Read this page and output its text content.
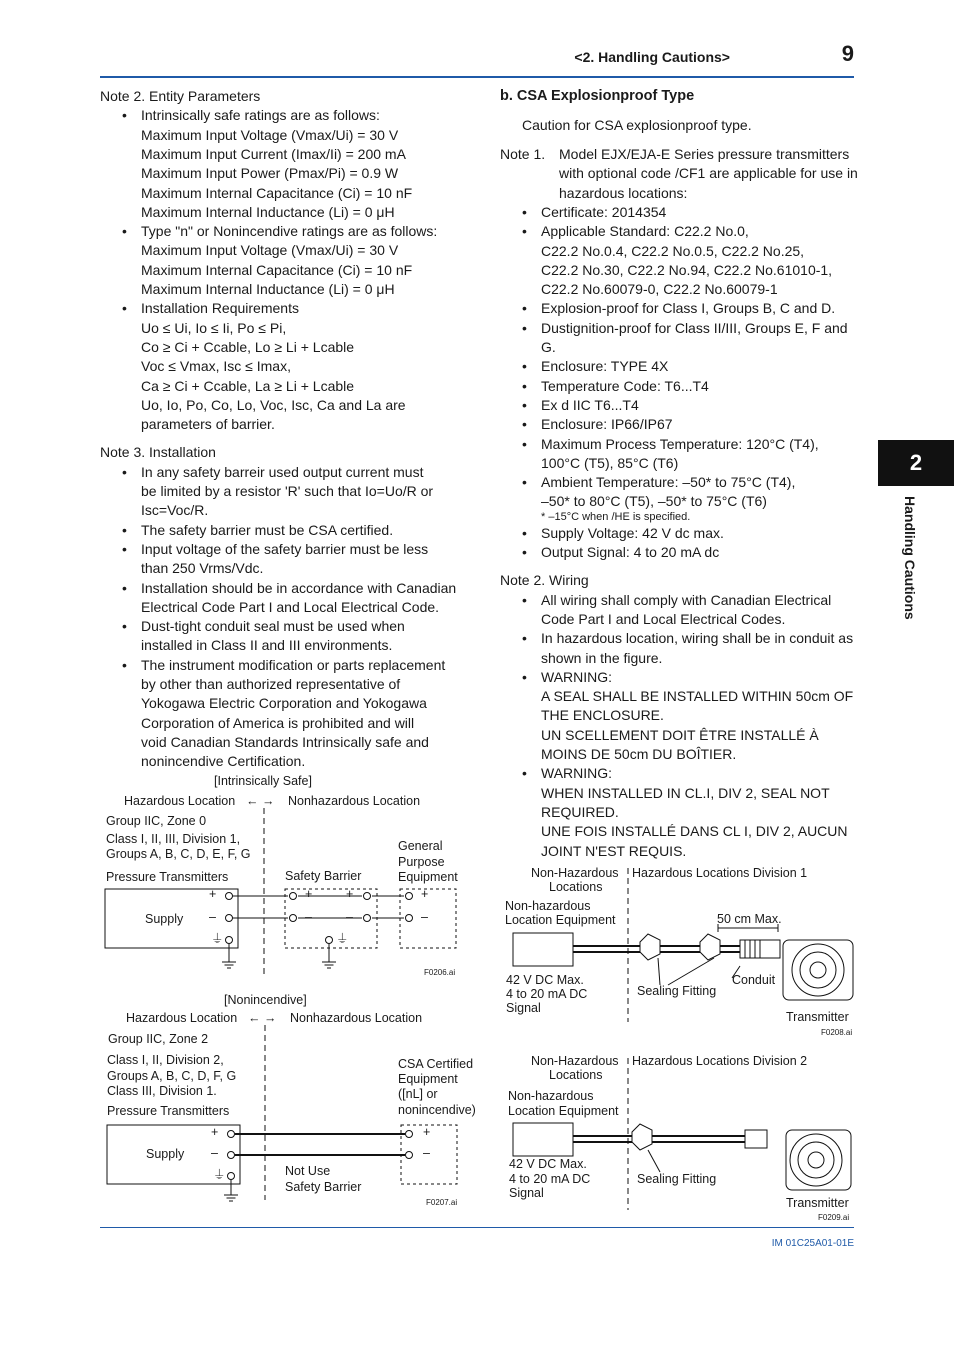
<2. Handling Cautions>	9
2
Handling Cautions
Note 2. Entity Parameters
• Intrinsically safe ratings are as follows:
Maximum Input Voltage (Vmax/Ui) = 30 V
Maximum Input Current (Imax/Ii) = 200 mA
Maximum Input Power (Pmax/Pi) = 0.9 W
Maximum Internal Capacitance (Ci) = 10 nF
Maximum Internal Inductance (Li) = 0 μH
• Type "n" or Nonincendive ratings are as follows:
Maximum Input Voltage (Vmax/Ui) = 30 V
Maximum Internal Capacitance (Ci) = 10 nF
Maximum Internal Inductance (Li) = 0 μH
• Installation Requirements
Uo ≤ Ui, Io ≤ Ii, Po ≤ Pi,
Co ≥ Ci + Ccable, Lo ≥ Li + Lcable
Voc ≤ Vmax, Isc ≤ Imax,
Ca ≥ Ci + Ccable, La ≥ Li + Lcable
Uo, Io, Po, Co, Lo, Voc, Isc, Ca and La are
parameters of barrier.
Note 3. Installation
• In any safety barreir used output current must
be limited by a resistor 'R' such that Io=Uo/R or
Isc=Voc/R.
• The safety barrier must be CSA certified.
• Input voltage of the safety barrier must be less
than 250 Vrms/Vdc.
• Installation should be in accordance with Canadian
Electrical Code Part I and Local Electrical Code.
• Dust-tight conduit seal must be used when
installed in Class II and III environments.
• The instrument modification or parts replacement
by other than authorized representative of
Yokogawa Electric Corporation and Yokogawa
Corporation of America is prohibited and will
void Canadian Standards Intrinsically safe and
nonincendive Certification.
b. CSA Explosionproof Type
Caution for CSA explosionproof type.
Note 1. Model EJX/EJA-E Series pressure transmitters
with optional code /CF1 are applicable for use in
hazardous locations:
• Certificate: 2014354
• Applicable Standard: C22.2 No.0,
C22.2 No.0.4, C22.2 No.0.5, C22.2 No.25,
C22.2 No.30, C22.2 No.94, C22.2 No.61010-1,
C22.2 No.60079-0, C22.2 No.60079-1
• Explosion-proof for Class I, Groups B, C and D.
• Dustignition-proof for Class II/III, Groups E, F and
G.
• Enclosure: TYPE 4X
• Temperature Code: T6...T4
• Ex d IIC T6...T4
• Enclosure: IP66/IP67
• Maximum Process Temperature: 120°C (T4),
100°C (T5), 85°C (T6)
• Ambient Temperature: –50* to 75°C (T4),
–50* to 80°C (T5), –50* to 75°C (T6)
* –15°C when /HE is specified.
• Supply Voltage: 42 V dc max.
• Output Signal: 4 to 20 mA dc
Note 2. Wiring
• All wiring shall comply with Canadian Electrical
Code Part I and Local Electrical Codes.
• In hazardous location, wiring shall be in conduit as
shown in the figure.
• WARNING:
A SEAL SHALL BE INSTALLED WITHIN 50cm OF
THE ENCLOSURE.
UN SCELLEMENT DOIT ÊTRE INSTALLÉ À
MOINS DE 50cm DU BOÎTIER.
• WARNING:
WHEN INSTALLED IN CL.I, DIV 2, SEAL NOT
REQUIRED.
UNE FOIS INSTALLÉ DANS CL I, DIV 2, AUCUN
JOINT N'EST REQUIS.
[Intrinsically Safe]
Hazardous Location ← → Nonhazardous Location
Group IIC, Zone 0
Class I, II, III, Division 1,
Groups A, B, C, D, E, F, G
Pressure Transmitters
Supply
Safety Barrier
General
Purpose
Equipment
F0206.ai
[Nonincendive]
Hazardous Location ← → Nonhazardous Location
Group IIC, Zone 2
Class I, II, Division 2,
Groups A, B, C, D, F, G
Class III, Division 1.
Pressure Transmitters
Supply
CSA Certified
Equipment
([nL] or
nonincendive)
Not Use
Safety Barrier
F0207.ai
Non-Hazardous
Locations
Hazardous Locations Division 1
Non-hazardous
Location Equipment	50 cm Max.
42 V DC Max.
4 to 20 mA DC
Signal
Conduit
Sealing Fitting
Transmitter
F0208.ai
Non-Hazardous
Locations
Hazardous Locations Division 2
Non-hazardous
Location Equipment
42 V DC Max.
4 to 20 mA DC
Signal
Sealing Fitting
Transmitter
F0209.ai
IM 01C25A01-01E
+
–
⏚
+
–
+
–
⏚
+
–
+
–
⏚
+
–
